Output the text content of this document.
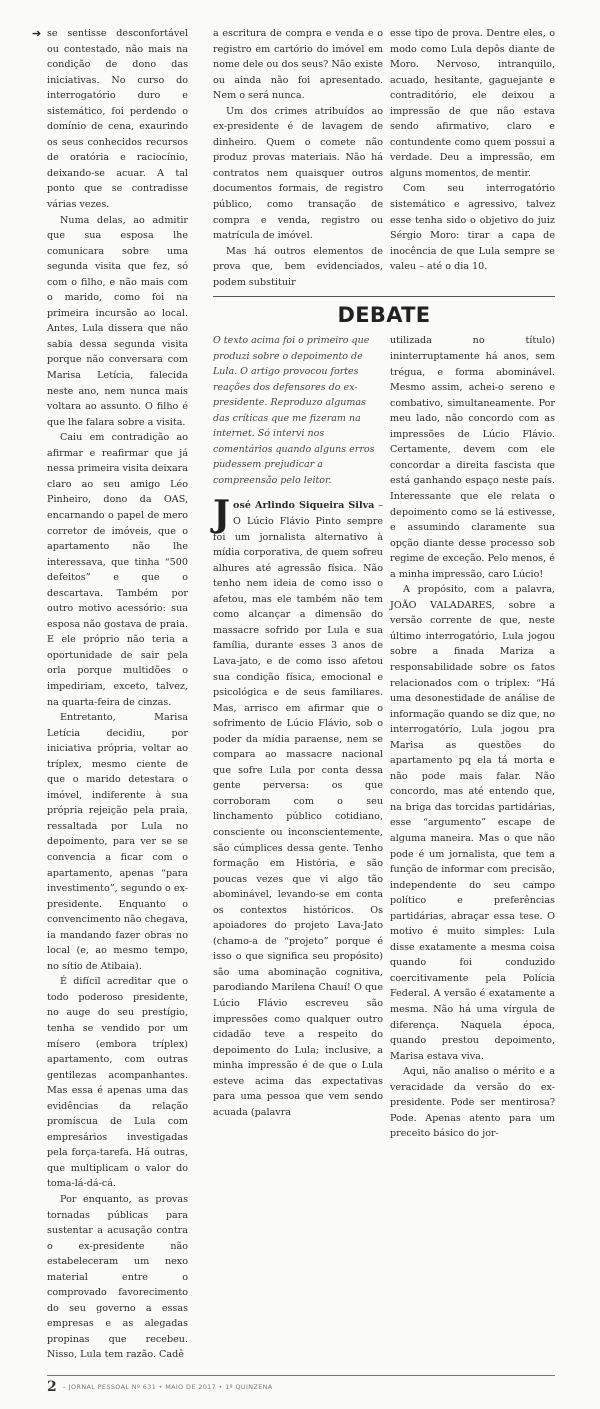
➔ se sentisse desconfortável ou contestado, não mais na condição de dono das iniciativas. No curso do interrogatório duro e sistemático, foi perdendo o domínio de cena, exaurindo os seus conhecidos recursos de oratória e raciocínio, deixando-se acuar. A tal ponto que se contradisse várias vezes.

Numa delas, ao admitir que sua esposa lhe comunicara sobre uma segunda visita que fez, só com o filho, e não mais com o marido, como foi na primeira incursão ao local. Antes, Lula dissera que não sabia dessa segunda visita porque não conversara com Marisa Letícia, falecida neste ano, nem nunca mais voltara ao assunto. O filho é que lhe falara sobre a visita.

Caiu em contradição ao afirmar e reafirmar que já nessa primeira visita deixara claro ao seu amigo Léo Pinheiro, dono da OAS, encarnando o papel de mero corretor de imóveis, que o apartamento não lhe interessava, que tinha “500 defeitos” e que o descartava. Também por outro motivo acessório: sua esposa não gostava de praia. E ele próprio não teria a oportunidade de sair pela orla porque multidões o impediriam, exceto, talvez, na quarta-feira de cinzas.

Entretanto, Marisa Letícia decidiu, por iniciativa própria, voltar ao tríplex, mesmo ciente de que o marido detestara o imóvel, indiferente à sua própria rejeição pela praia, ressaltada por Lula no depoimento, para ver se se convencia a ficar com o apartamento, apenas “para investimento”, segundo o ex-presidente. Enquanto o convencimento não chegava, ia mandando fazer obras no local (e, ao mesmo tempo, no sítio de Atibaia).

É difícil acreditar que o todo poderoso presidente, no auge do seu prestígio, tenha se vendido por um mísero (embora tríplex) apartamento, com outras gentilezas acompanhantes. Mas essa é apenas uma das evidências da relação promíscua de Lula com empresários investigadas pela força-tarefa. Há outras, que multiplicam o valor do toma-lá-dá-cá.

Por enquanto, as provas tornadas públicas para sustentar a acusação contra o ex-presidente não estabeleceram um nexo material entre o comprovado favorecimento do seu governo a essas empresas e as alegadas propinas que recebeu. Nisso, Lula tem razão. Cadê

a escritura de compra e venda e o registro em cartório do imóvel em nome dele ou dos seus? Não existe ou ainda não foi apresentado. Nem o será nunca.

Um dos crimes atribuídos ao ex-presidente é de lavagem de dinheiro. Quem o comete não produz provas materiais. Não há contratos nem quaisquer outros documentos formais, de registro público, como transação de compra e venda, registro ou matrícula de imóvel.

Mas há outros elementos de prova que, bem evidenciados, podem substituir

esse tipo de prova. Dentre eles, o modo como Lula depôs diante de Moro. Nervoso, intranquilo, acuado, hesitante, gaguejante e contraditório, ele deixou a impressão de que não estava sendo afirmativo, claro e contundente como quem possui a verdade. Deu a impressão, em alguns momentos, de mentir.

Com seu interrogatório sistemático e agressivo, talvez esse tenha sido o objetivo do juiz Sérgio Moro: tirar a capa de inocência de que Lula sempre se valeu – até o dia 10.

DEBATE

O texto acima foi o primeiro que produzi sobre o depoimento de Lula. O artigo provocou fortes reações dos defensores do ex-presidente. Reproduzo algumas das críticas que me fizeram na internet. Só intervi nos comentários quando alguns erros pudessem prejudicar a compreensão pelo leitor.

José Arlindo Siqueira Silva – O Lúcio Flávio Pinto sempre foi um jornalista alternativo à mídia corporativa, de quem sofreu alhures até agressão física. Não tenho nem ideia de como isso o afetou, mas ele também não tem como alcançar a dimensão do massacre sofrido por Lula e sua família, durante esses 3 anos de Lava-jato, e de como isso afetou sua condição física, emocional e psicológica e de seus familiares. Mas, arrisco em afirmar que o sofrimento de Lúcio Flávio, sob o poder da mídia paraense, nem se compara ao massacre nacional que sofre Lula por conta dessa gente perversa: os que corroboram com o seu linchamento público cotidiano, consciente ou inconscientemente, são cúmplices dessa gente. Tenho formação em História, e são poucas vezes que vi algo tão abominável, levando-se em conta os contextos históricos. Os apoiadores do projeto Lava-Jato (chamo-a de “projeto” porque é isso o que significa seu propósito) são uma abominação cognitiva, parodiando Marilena Chauí! O que Lúcio Flávio escreveu são impressões como qualquer outro cidadão teve a respeito do depoimento do Lula; inclusive, a minha impressão é de que o Lula esteve acima das expectativas para uma pessoa que vem sendo acuada (palavra

utilizada no título) ininterruptamente há anos, sem trégua, e forma abominável. Mesmo assim, achei-o sereno e combativo, simultaneamente. Por meu lado, não concordo com as impressões de Lúcio Flávio. Certamente, devem com ele concordar a direita fascista que está ganhando espaço neste país. Interessante que ele relata o depoimento como se lá estivesse, e assumindo claramente sua opção diante desse processo sob regime de exceção. Pelo menos, é a minha impressão, caro Lúcio!

A propósito, com a palavra, JOÃO VALADARES, sobre a versão corrente de que, neste último interrogatório, Lula jogou sobre a finada Mariza a responsabilidade sobre os fatos relacionados com o tríplex: “Há uma desonestidade de análise de informação quando se diz que, no interrogatório, Lula jogou pra Marisa as questões do apartamento pq ela tá morta e não pode mais falar. Não concordo, mas até entendo que, na briga das torcidas partidárias, esse “argumento” escape de alguma maneira. Mas o que não pode é um jornalista, que tem a função de informar com precisão, independente do seu campo político e preferências partidárias, abraçar essa tese. O motivo é muito simples: Lula disse exatamente a mesma coisa quando foi conduzido coercitivamente pela Polícia Federal. A versão é exatamente a mesma. Não há uma vírgula de diferença. Naquela época, quando prestou depoimento, Marisa estava viva.

Aqui, não analiso o mérito e a veracidade da versão do ex-presidente. Pode ser mentirosa? Pode. Apenas atento para um preceito básico do jor-

2 – JORNAL PESSOAL Nº 631 • MAIO DE 2017 • 1ª QUINZENA
